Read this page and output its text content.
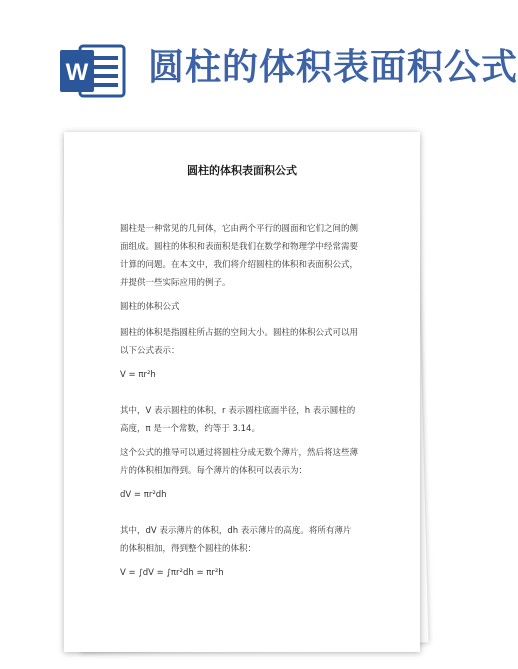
W 圆柱的体积表面积公式
圆柱的体积表面积公式

圆柱是一种常见的几何体，它由两个平行的圆面和它们之间的侧面组成。圆柱的体积和表面积是我们在数学和物理学中经常需要计算的问题。在本文中，我们将介绍圆柱的体积和表面积公式，并提供一些实际应用的例子。

圆柱的体积公式

圆柱的体积是指圆柱所占据的空间大小。圆柱的体积公式可以用以下公式表示：

V = πr²h

其中，V 表示圆柱的体积，r 表示圆柱底面半径，h 表示圆柱的高度，π 是一个常数，约等于 3.14。

这个公式的推导可以通过将圆柱分成无数个薄片，然后将这些薄片的体积相加得到。每个薄片的体积可以表示为：

dV = πr²dh

其中，dV 表示薄片的体积，dh 表示薄片的高度。将所有薄片的体积相加，得到整个圆柱的体积：

V = ∫dV = ∫πr²dh = πr²h
